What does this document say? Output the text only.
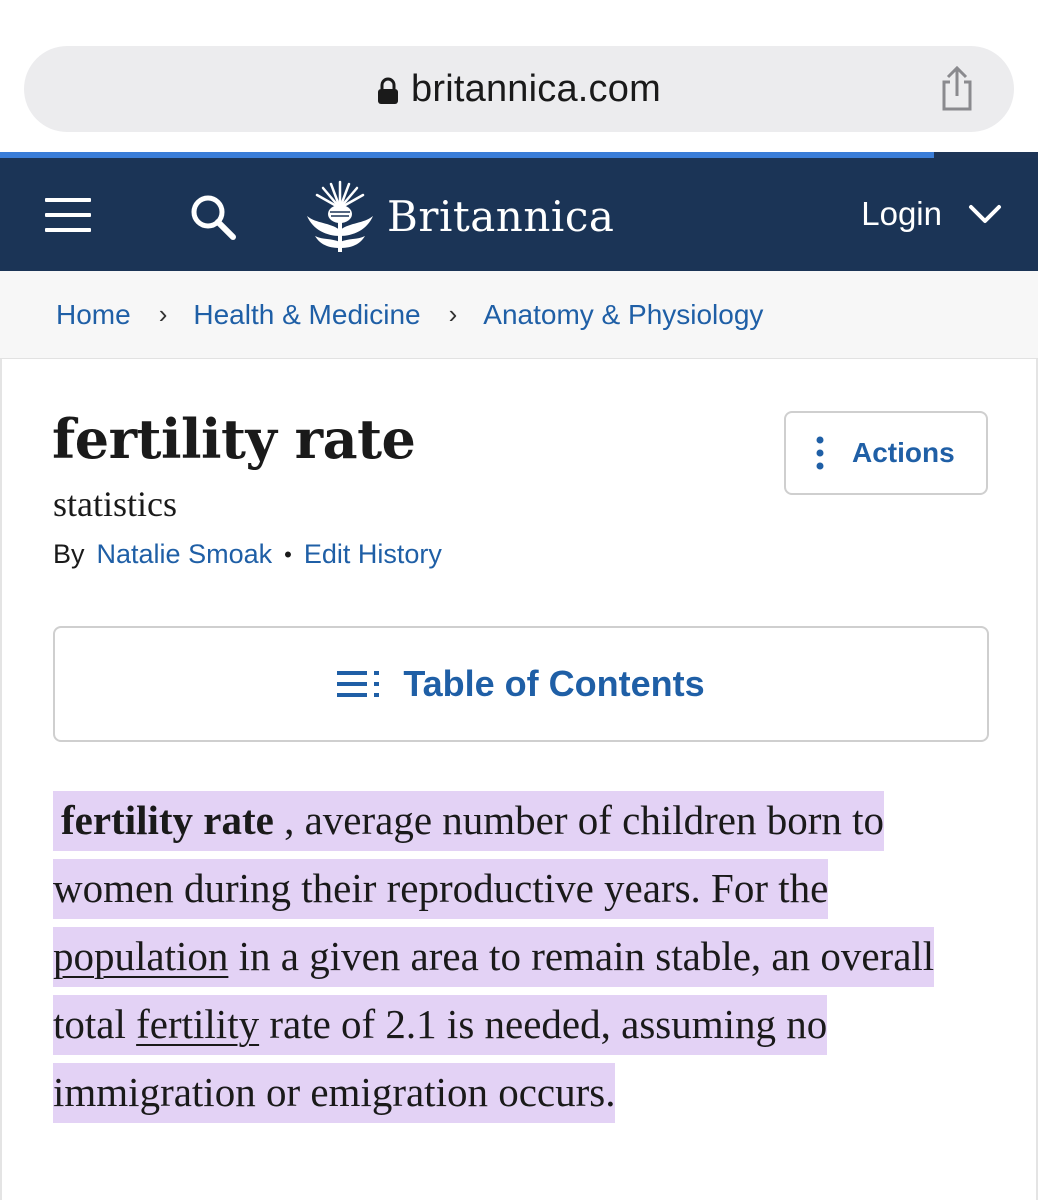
britannica.com
Britannica	Login
Home › Health & Medicine › Anatomy & Physiology
fertility rate
statistics
By Natalie Smoak • Edit History
Actions
Table of Contents

fertility rate , average number of children born to women during their reproductive years. For the population in a given area to remain stable, an overall total fertility rate of 2.1 is needed, assuming no immigration or emigration occurs.
